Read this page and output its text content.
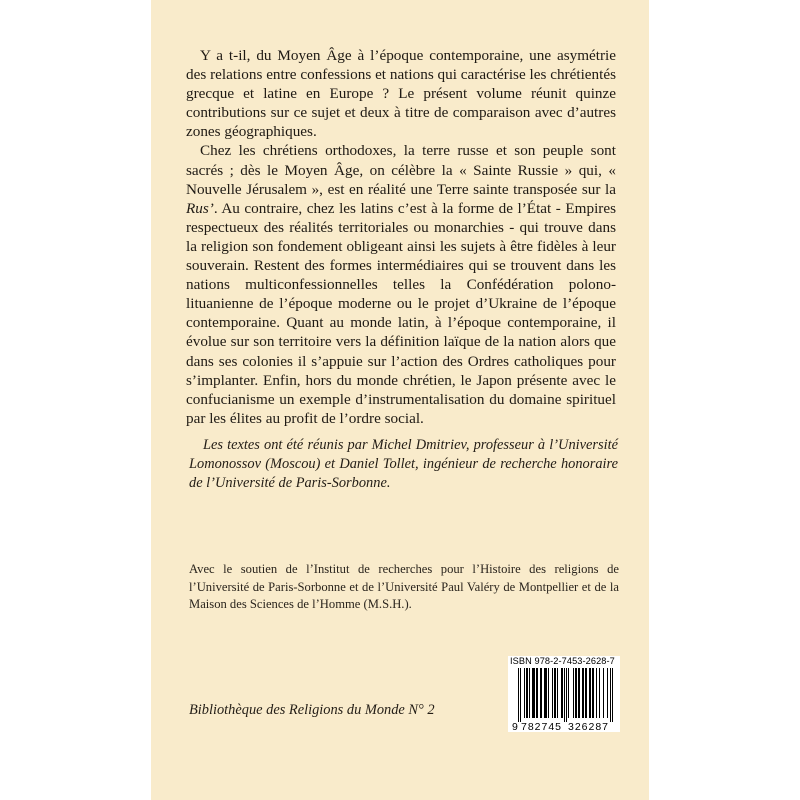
Y a t-il, du Moyen Âge à l’époque contemporaine, une asymétrie des relations entre confessions et nations qui caractérise les chrétientés grecque et latine en Europe ? Le présent volume réunit quinze contributions sur ce sujet et deux à titre de comparaison avec d’autres zones géographiques.

Chez les chrétiens orthodoxes, la terre russe et son peuple sont sacrés ; dès le Moyen Âge, on célèbre la « Sainte Russie » qui, « Nouvelle Jérusalem », est en réalité une Terre sainte transposée sur la Rus’. Au contraire, chez les latins c’est à la forme de l’État - Empires respectueux des réalités territoriales ou monarchies - qui trouve dans la religion son fondement obligeant ainsi les sujets à être fidèles à leur souverain. Restent des formes intermédiaires qui se trouvent dans les nations multiconfessionnelles telles la Confédération polono-lituanienne de l’époque moderne ou le projet d’Ukraine de l’époque contemporaine. Quant au monde latin, à l’époque contemporaine, il évolue sur son territoire vers la définition laïque de la nation alors que dans ses colonies il s’appuie sur l’action des Ordres catholiques pour s’implanter. Enfin, hors du monde chrétien, le Japon présente avec le confucianisme un exemple d’instrumentalisation du domaine spirituel par les élites au profit de l’ordre social.

Les textes ont été réunis par Michel Dmitriev, professeur à l’Université Lomonossov (Moscou) et Daniel Tollet, ingénieur de recherche honoraire de l’Université de Paris-Sorbonne.
Avec le soutien de l’Institut de recherches pour l’Histoire des religions de l’Université de Paris-Sorbonne et de l’Université Paul Valéry de Montpellier et de la Maison des Sciences de l’Homme (M.S.H.).
Bibliothèque des Religions du Monde N° 2
ISBN 978-2-7453-2628-7
9 782745 326287
